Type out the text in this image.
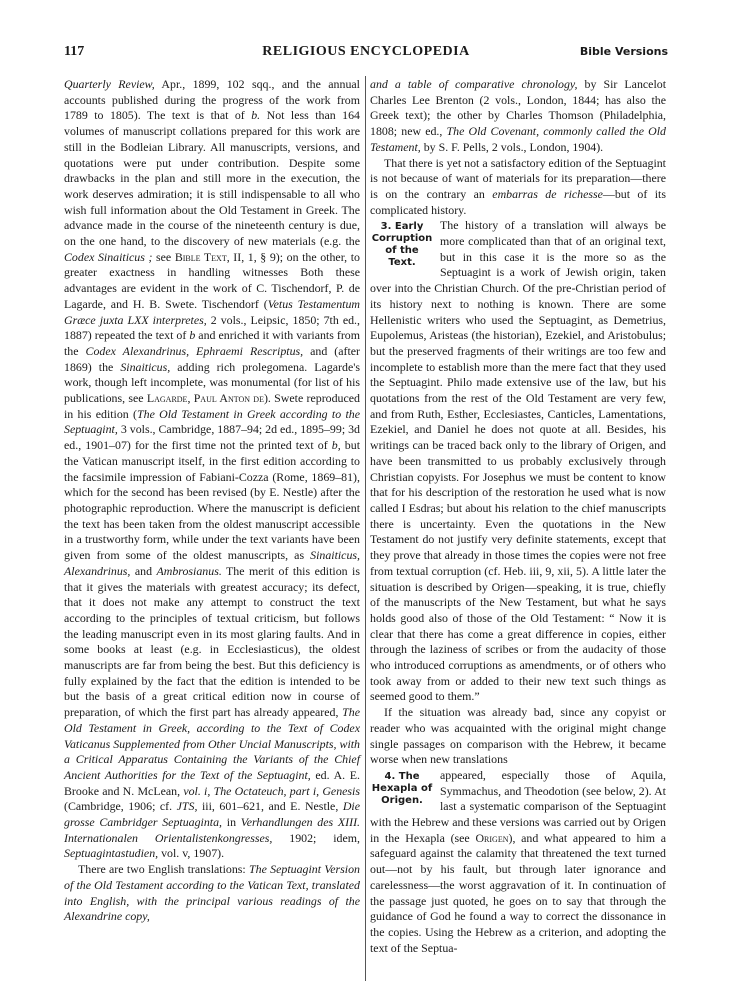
117	RELIGIOUS ENCYCLOPEDIA	Bible Versions

Quarterly Review, Apr., 1899, 102 sqq., and the annual accounts published during the progress of the work from 1789 to 1805). The text is that of b. Not less than 164 volumes of manuscript collations prepared for this work are still in the Bodleian Library. All manuscripts, versions, and quotations were put under contribution. Despite some drawbacks in the plan and still more in the execution, the work deserves admiration; it is still indispensable to all who wish full information about the Old Testament in Greek. The advance made in the course of the nineteenth century is due, on the one hand, to the discovery of new materials (e.g. the Codex Sinaiticus ; see Bible Text, II, 1, § 9); on the other, to greater exactness in handling witnesses Both these advantages are evident in the work of C. Tischendorf, P. de Lagarde, and H. B. Swete. Tischendorf (Vetus Testamentum Græce juxta LXX interpretes, 2 vols., Leipsic, 1850; 7th ed., 1887) repeated the text of b and enriched it with variants from the Codex Alexandrinus, Ephraemi Rescriptus, and (after 1869) the Sinaiticus, adding rich prolegomena. Lagarde's work, though left incomplete, was monumental (for list of his publications, see Lagarde, Paul Anton de). Swete reproduced in his edition (The Old Testament in Greek according to the Septuagint, 3 vols., Cambridge, 1887–94; 2d ed., 1895–99; 3d ed., 1901–07) for the first time not the printed text of b, but the Vatican manuscript itself, in the first edition according to the facsimile impression of Fabiani-Cozza (Rome, 1869–81), which for the second has been revised (by E. Nestle) after the photographic reproduction. Where the manuscript is deficient the text has been taken from the oldest manuscript accessible in a trustworthy form, while under the text variants have been given from some of the oldest manuscripts, as Sinaiticus, Alexandrinus, and Ambrosianus. The merit of this edition is that it gives the materials with greatest accuracy; its defect, that it does not make any attempt to construct the text according to the principles of textual criticism, but follows the leading manuscript even in its most glaring faults. And in some books at least (e.g. in Ecclesiasticus), the oldest manuscripts are far from being the best. But this deficiency is fully explained by the fact that the edition is intended to be but the basis of a great critical edition now in course of preparation, of which the first part has already appeared, The Old Testament in Greek, according to the Text of Codex Vaticanus Supplemented from Other Uncial Manuscripts, with a Critical Apparatus Containing the Variants of the Chief Ancient Authorities for the Text of the Septuagint, ed. A. E. Brooke and N. McLean, vol. i, The Octateuch, part i, Genesis (Cambridge, 1906; cf. JTS, iii, 601–621, and E. Nestle, Die grosse Cambridger Septuaginta, in Verhandlungen des XIII. Internationalen Orientalistenkongresses, 1902; idem, Septuagintastudien, vol. v, 1907).

There are two English translations: The Septuagint Version of the Old Testament according to the Vatican Text, translated into English, with the principal various readings of the Alexandrine copy,

and a table of comparative chronology, by Sir Lancelot Charles Lee Brenton (2 vols., London, 1844; has also the Greek text); the other by Charles Thomson (Philadelphia, 1808; new ed., The Old Covenant, commonly called the Old Testament, by S. F. Pells, 2 vols., London, 1904).

That there is yet not a satisfactory edition of the Septuagint is not because of want of materials for its preparation—there is on the contrary an embarras de richesse—but of its complicated history.

3. Early Corruption of the Text.

The history of a translation will always be more complicated than that of an original text, but in this case it is the more so as the Septuagint is a work of Jewish origin, taken over into the Christian Church. Of the pre-Christian period of its history next to nothing is known. There are some Hellenistic writers who used the Septuagint, as Demetrius, Eupolemus, Aristeas (the historian), Ezekiel, and Aristobulus; but the preserved fragments of their writings are too few and incomplete to establish more than the mere fact that they used the Septuagint. Philo made extensive use of the law, but his quotations from the rest of the Old Testament are very few, and from Ruth, Esther, Ecclesiastes, Canticles, Lamentations, Ezekiel, and Daniel he does not quote at all. Besides, his writings can be traced back only to the library of Origen, and have been transmitted to us probably exclusively through Christian copyists. For Josephus we must be content to know that for his description of the restoration he used what is now called I Esdras; but about his relation to the chief manuscripts there is uncertainty. Even the quotations in the New Testament do not justify very definite statements, except that they prove that already in those times the copies were not free from textual corruption (cf. Heb. iii, 9, xii, 5). A little later the situation is described by Origen—speaking, it is true, chiefly of the manuscripts of the New Testament, but what he says holds good also of those of the Old Testament: “ Now it is clear that there has come a great difference in copies, either through the laziness of scribes or from the audacity of those who introduced corruptions as amendments, or of others who took away from or added to their new text such things as seemed good to them.”

If the situation was already bad, since any copyist or reader who was acquainted with the original might change single passages on comparison with the Hebrew, it became worse when new translations

4. The Hexapla of Origen.

appeared, especially those of Aquila, Symmachus, and Theodotion (see below, 2). At last a systematic comparison of the Septuagint with the Hebrew and these versions was carried out by Origen in the Hexapla (see Origen), and what appeared to him a safeguard against the calamity that threatened the text turned out—not by his fault, but through later ignorance and carelessness—the worst aggravation of it. In continuation of the passage just quoted, he goes on to say that through the guidance of God he found a way to correct the dissonance in the copies. Using the Hebrew as a criterion, and adopting the text of the Septua-
